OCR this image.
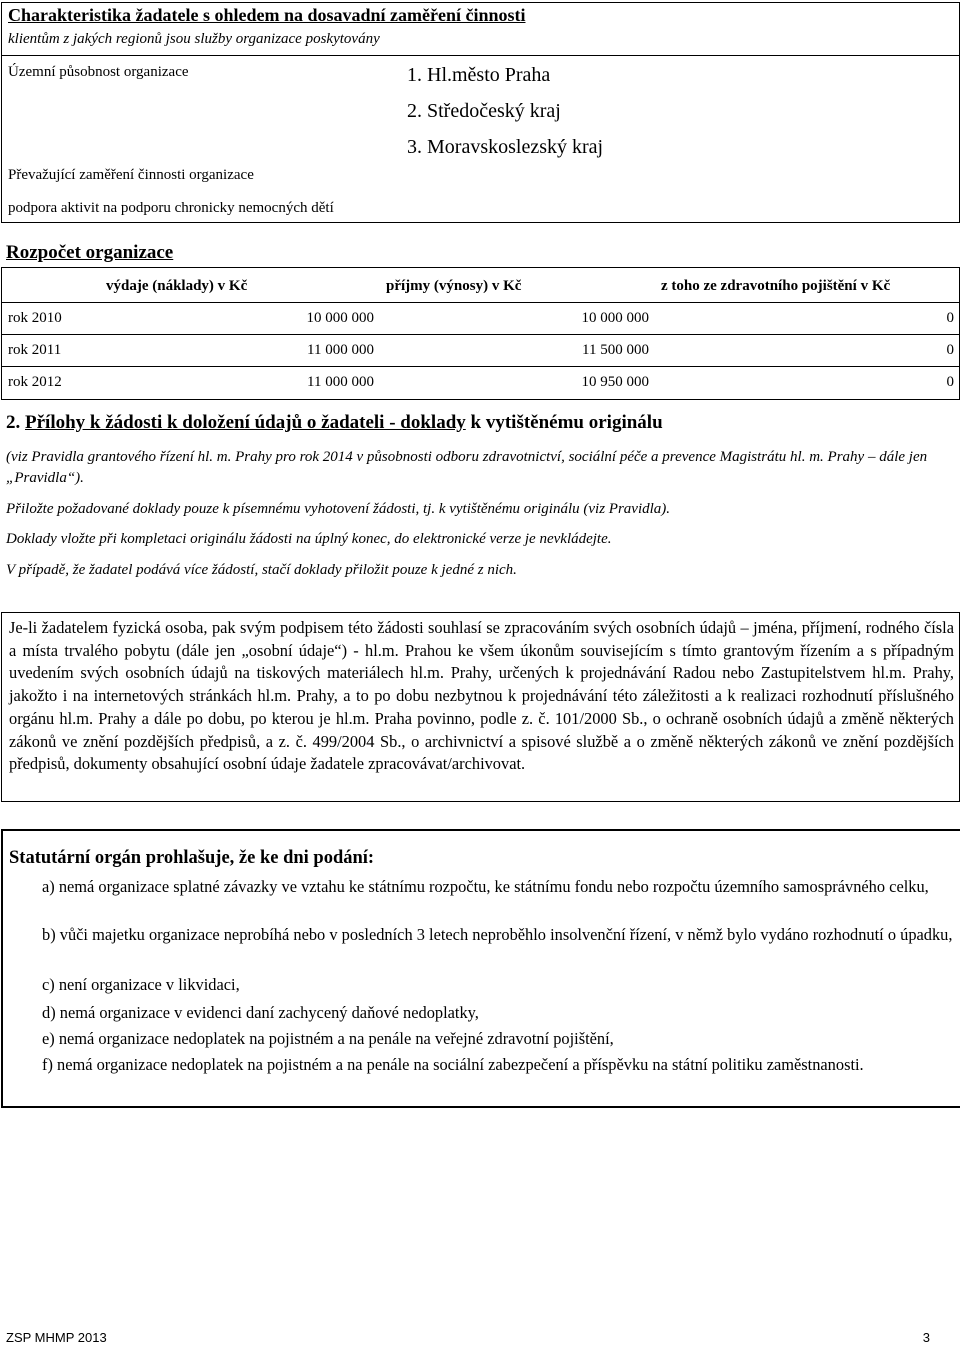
Charakteristika žadatele s ohledem na dosavadní zaměření činnosti
klientům z jakých regionů jsou služby organizace poskytovány
Územní působnost organizace	1. Hl.město Praha
2. Středočeský kraj
3. Moravskoslezský kraj
Převažující zaměření činnosti organizace
podpora aktivit na podporu chronicky nemocných dětí
Rozpočet organizace
výdaje (náklady) v Kč	příjmy (výnosy) v Kč	z toho ze zdravotního pojištění v Kč
rok 2010	10 000 000	10 000 000	0
rok 2011	11 000 000	11 500 000	0
rok 2012	11 000 000	10 950 000	0
2. Přílohy k žádosti k doložení údajů o žadateli - doklady k vytištěnému originálu
(viz Pravidla grantového řízení hl. m. Prahy pro rok 2014 v působnosti odboru zdravotnictví, sociální péče a prevence Magistrátu hl. m. Prahy – dále jen „Pravidla“).
Přiložte požadované doklady pouze k písemnému vyhotovení žádosti, tj. k vytištěnému originálu (viz Pravidla).
Doklady vložte při kompletaci originálu žádosti na úplný konec, do elektronické verze je nevkládejte.
V případě, že žadatel podává více žádostí, stačí doklady přiložit pouze k jedné z nich.
Je-li žadatelem fyzická osoba, pak svým podpisem této žádosti souhlasí se zpracováním svých osobních údajů – jména, příjmení, rodného čísla a místa trvalého pobytu (dále jen „osobní údaje“) - hl.m. Prahou ke všem úkonům souvisejícím s tímto grantovým řízením a s případným uvedením svých osobních údajů na tiskových materiálech hl.m. Prahy, určených k projednávání Radou nebo Zastupitelstvem hl.m. Prahy, jakožto i na internetových stránkách hl.m. Prahy, a to po dobu nezbytnou k projednávání této záležitosti a k realizaci rozhodnutí příslušného orgánu hl.m. Prahy a dále po dobu, po kterou je hl.m. Praha povinno, podle z. č. 101/2000 Sb., o ochraně osobních údajů a změně některých zákonů ve znění pozdějších předpisů, a z. č. 499/2004 Sb., o archivnictví a spisové službě a o změně některých zákonů ve znění pozdějších předpisů, dokumenty obsahující osobní údaje žadatele zpracovávat/archivovat.
Statutární orgán prohlašuje, že ke dni podání:
a) nemá organizace splatné závazky ve vztahu ke státnímu rozpočtu, ke státnímu fondu nebo rozpočtu územního samosprávného celku,
b) vůči majetku organizace neprobíhá nebo v posledních 3 letech neproběhlo insolvenční řízení, v němž bylo vydáno rozhodnutí o úpadku,
c) není organizace v likvidaci,
d) nemá organizace v evidenci daní zachycený daňové nedoplatky,
e) nemá organizace nedoplatek na pojistném a na penále na veřejné zdravotní pojištění,
f) nemá organizace nedoplatek na pojistném a na penále na sociální zabezpečení a příspěvku na státní politiku zaměstnanosti.
ZSP MHMP 2013	3
